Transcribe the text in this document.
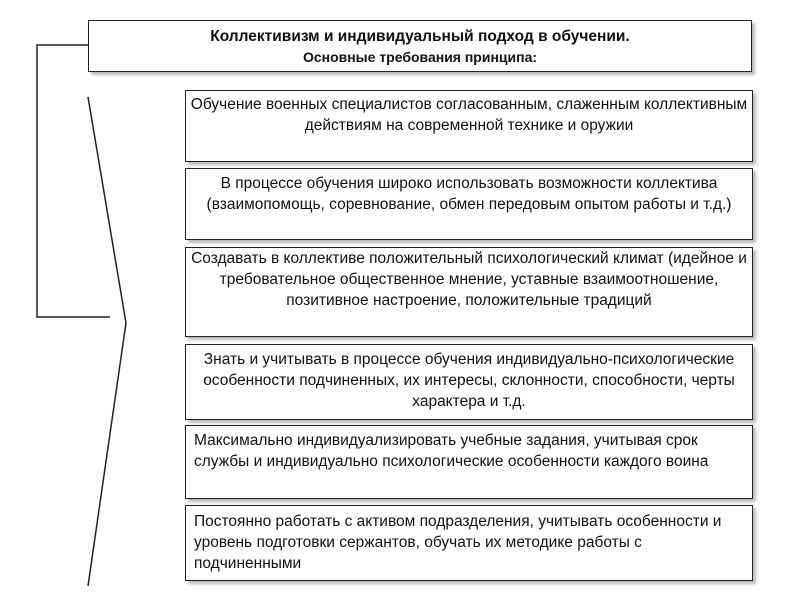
Коллективизм и индивидуальный подход в обучении.
Основные требования принципа:
Обучение военных специалистов согласованным, слаженным коллективным действиям на современной технике и оружии
В процессе обучения широко использовать возможности коллектива (взаимопомощь, соревнование, обмен передовым опытом работы и т.д.)
Создавать в коллективе положительный психологический климат (идейное и требовательное общественное мнение, уставные взаимоотношение, позитивное настроение, положительные традиций
Знать и учитывать в процессе обучения индивидуально-психологические особенности подчиненных, их интересы, склонности, способности, черты характера и т.д.
Максимально индивидуализировать учебные задания, учитывая срок службы и индивидуально психологические особенности каждого воина
Постоянно работать с активом подразделения, учитывать особенности и уровень подготовки сержантов, обучать их методике работы с подчиненными
